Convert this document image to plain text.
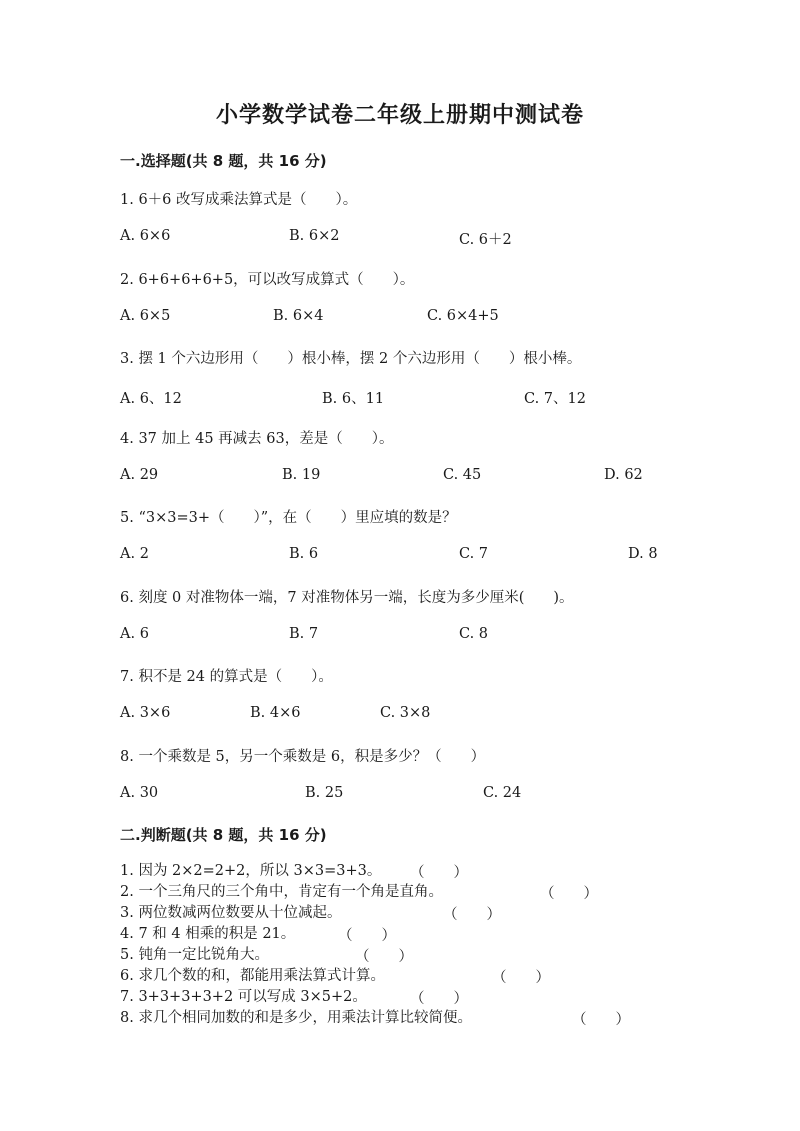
小学数学试卷二年级上册期中测试卷
一.选择题(共 8 题，共 16 分)
1. 6＋6 改写成乘法算式是（　　）。
A. 6×6	B. 6×2	C. 6＋2
2. 6+6+6+6+5，可以改写成算式（　　）。
A. 6×5	B. 6×4	C. 6×4+5
3. 摆 1 个六边形用（　　）根小棒，摆 2 个六边形用（　　）根小棒。
A. 6、12	B. 6、11	C. 7、12
4. 37 加上 45 再减去 63，差是（　　）。
A. 29	B. 19	C. 45	D. 62
5. “3×3=3+（　　）”，在（　　）里应填的数是？
A. 2	B. 6	C. 7	D. 8
6. 刻度 0 对准物体一端，7 对准物体另一端，长度为多少厘米(　　)。
A. 6	B. 7	C. 8
7. 积不是 24 的算式是（　　）。
A. 3×6	B. 4×6	C. 3×8
8. 一个乘数是 5，另一个乘数是 6，积是多少？（　　）
A. 30	B. 25	C. 24
二.判断题(共 8 题，共 16 分)
1. 因为 2×2=2+2，所以 3×3=3+3。 （　　）
2. 一个三角尺的三个角中，肯定有一个角是直角。	（　　）
3. 两位数减两位数要从十位减起。	（　　）
4. 7 和 4 相乘的积是 21。	（　　）
5. 钝角一定比锐角大。	（　　）
6. 求几个数的和，都能用乘法算式计算。	（　　）
7. 3+3+3+3+2 可以写成 3×5+2。	（　　）
8. 求几个相同加数的和是多少，用乘法计算比较简便。	（　　）
